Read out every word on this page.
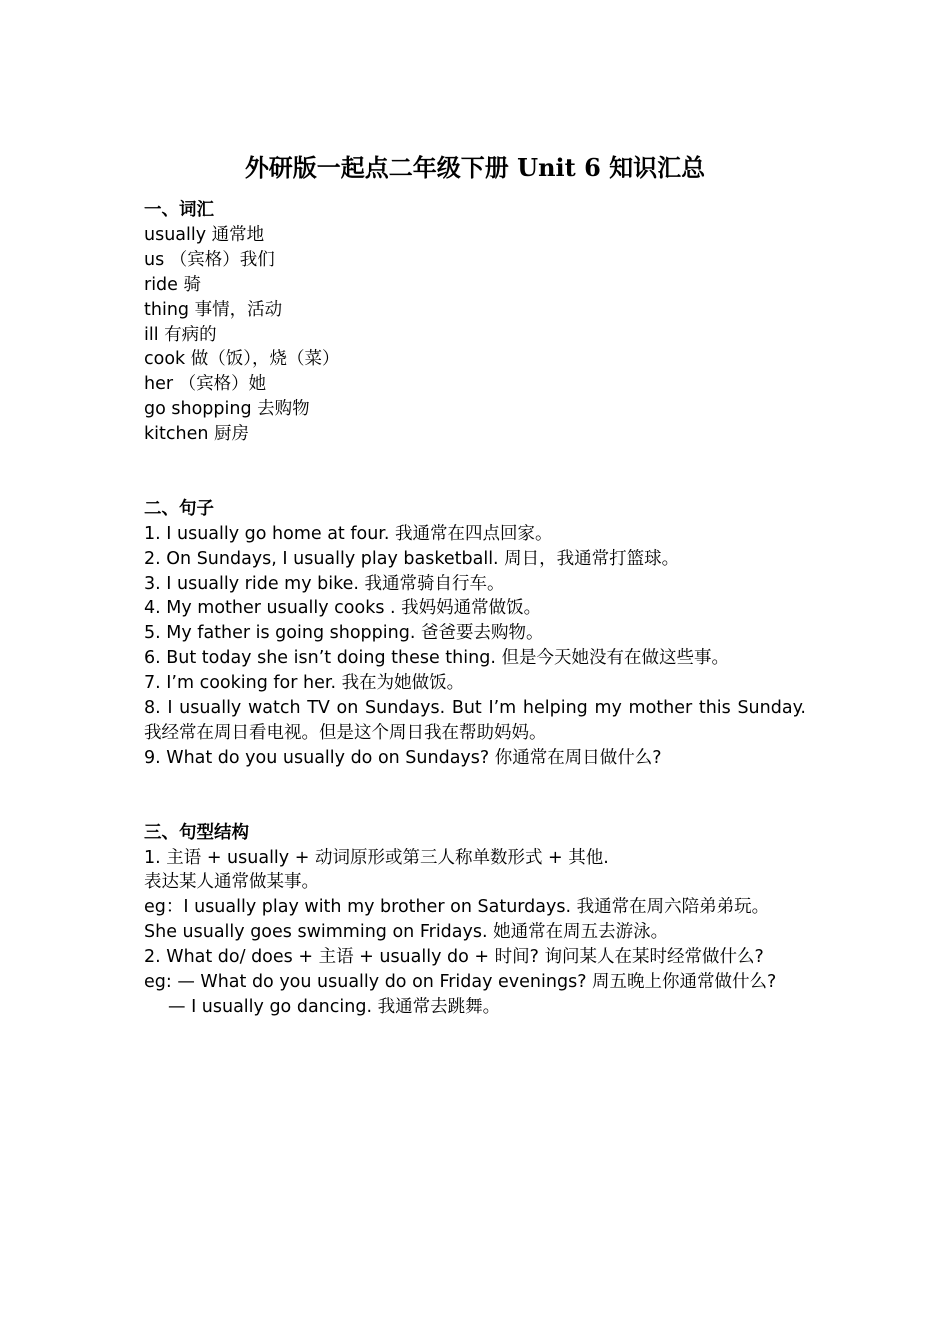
外研版一起点二年级下册 Unit 6 知识汇总

一、词汇

usually 通常地

us （宾格）我们

ride 骑

thing 事情，活动

ill 有病的

cook 做（饭），烧（菜）

her （宾格）她

go shopping 去购物

kitchen 厨房

二、句子

1. I usually go home at four. 我通常在四点回家。

2. On Sundays, I usually play basketball. 周日，我通常打篮球。

3. I usually ride my bike. 我通常骑自行车。

4. My mother usually cooks . 我妈妈通常做饭。

5. My father is going shopping. 爸爸要去购物。

6. But today she isn’t doing these thing. 但是今天她没有在做这些事。

7. I’m cooking for her. 我在为她做饭。

8. I usually watch TV on Sundays. But I’m helping my mother this Sunday. 我经常在周日看电视。但是这个周日我在帮助妈妈。

9. What do you usually do on Sundays? 你通常在周日做什么?

三、句型结构

1. 主语 + usually + 动词原形或第三人称单数形式 + 其他.

表达某人通常做某事。

eg：I usually play with my brother on Saturdays. 我通常在周六陪弟弟玩。

She usually goes swimming on Fridays. 她通常在周五去游泳。

2. What do/ does + 主语 + usually do + 时间? 询问某人在某时经常做什么?

eg: — What do you usually do on Friday evenings? 周五晚上你通常做什么?

— I usually go dancing. 我通常去跳舞。
